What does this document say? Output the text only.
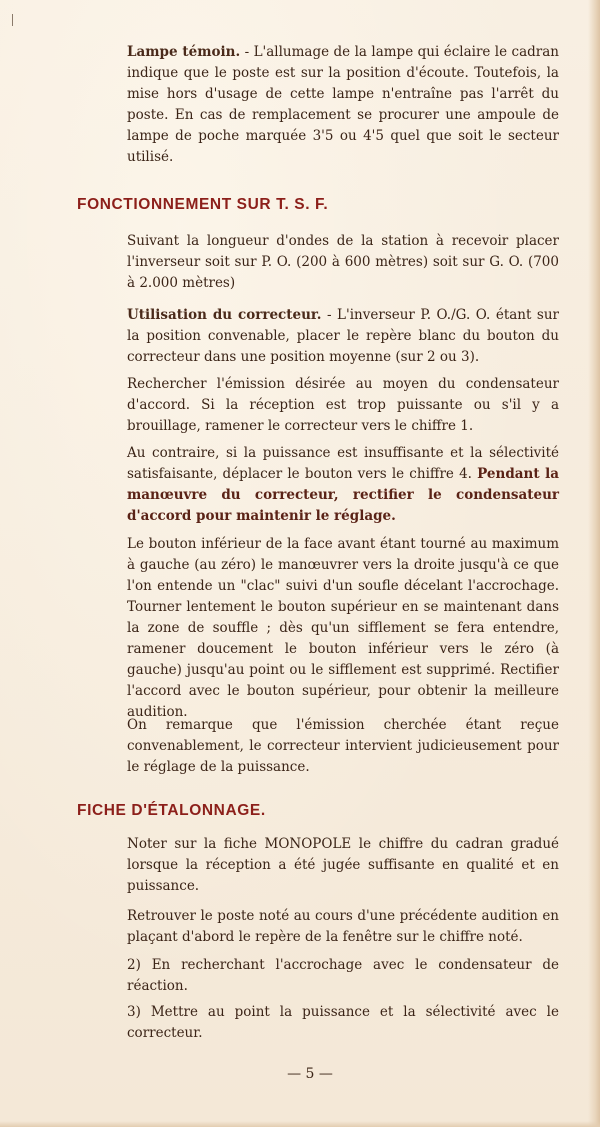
Lampe témoin. - L'allumage de la lampe qui éclaire le cadran indique que le poste est sur la position d'écoute. Toutefois, la mise hors d'usage de cette lampe n'entraîne pas l'arrêt du poste. En cas de remplacement se procurer une ampoule de lampe de poche marquée 3'5 ou 4'5 quel que soit le secteur utilisé.

FONCTIONNEMENT SUR T. S. F.

Suivant la longueur d'ondes de la station à recevoir placer l'inverseur soit sur P. O. (200 à 600 mètres) soit sur G. O. (700 à 2.000 mètres)

Utilisation du correcteur. - L'inverseur P. O./G. O. étant sur la position convenable, placer le repère blanc du bouton du correcteur dans une position moyenne (sur 2 ou 3).

Rechercher l'émission désirée au moyen du condensateur d'accord. Si la réception est trop puissante ou s'il y a brouillage, ramener le correcteur vers le chiffre 1.

Au contraire, si la puissance est insuffisante et la sélectivité satisfaisante, déplacer le bouton vers le chiffre 4. Pendant la manœuvre du correcteur, rectifier le condensateur d'accord pour maintenir le réglage.

Le bouton inférieur de la face avant étant tourné au maximum à gauche (au zéro) le manœuvrer vers la droite jusqu'à ce que l'on entende un "clac" suivi d'un soufle décelant l'accrochage. Tourner lentement le bouton supérieur en se maintenant dans la zone de souffle ; dès qu'un sifflement se fera entendre, ramener doucement le bouton inférieur vers le zéro (à gauche) jusqu'au point ou le sifflement est supprimé. Rectifier l'accord avec le bouton supérieur, pour obtenir la meilleure audition.

On remarque que l'émission cherchée étant reçue convenablement, le correcteur intervient judicieusement pour le réglage de la puissance.

FICHE D'ÉTALONNAGE.

Noter sur la fiche MONOPOLE le chiffre du cadran gradué lorsque la réception a été jugée suffisante en qualité et en puissance.

Retrouver le poste noté au cours d'une précédente audition en plaçant d'abord le repère de la fenêtre sur le chiffre noté.

2) En recherchant l'accrochage avec le condensateur de réaction.

3) Mettre au point la puissance et la sélectivité avec le correcteur.

— 5 —
